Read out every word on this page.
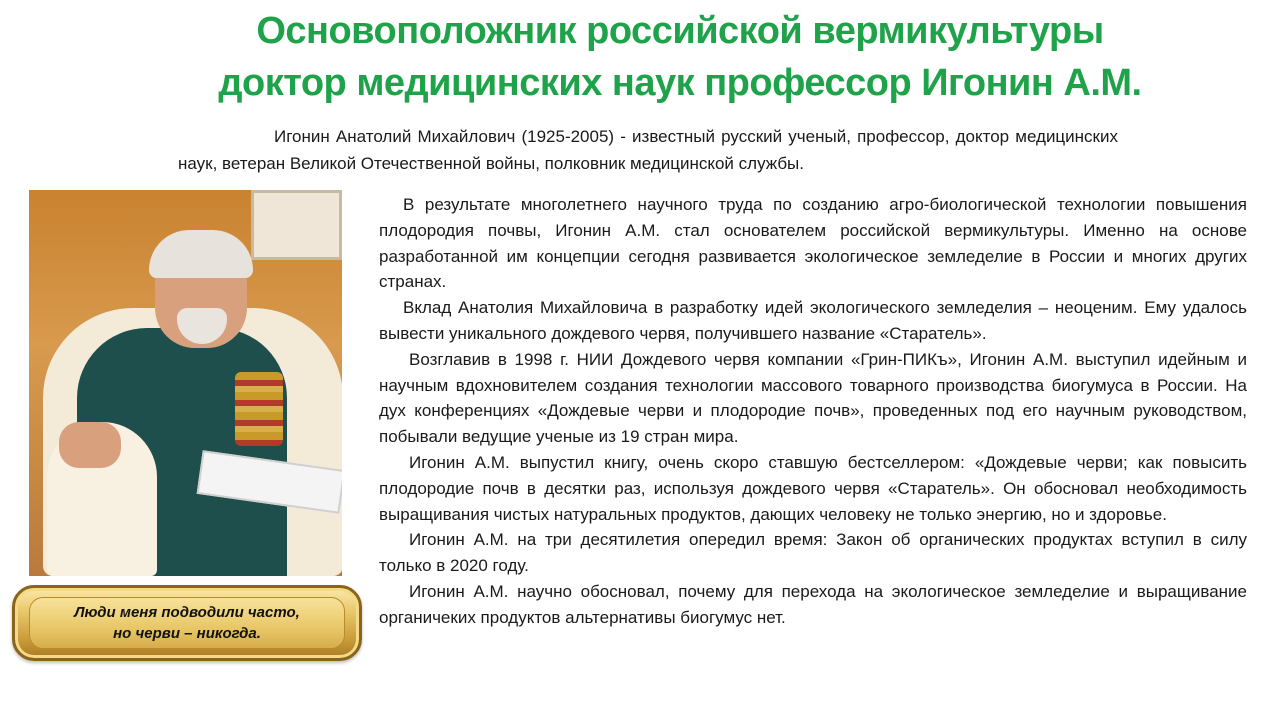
Основоположник российской вермикультуры
доктор медицинских наук профессор Игонин А.М.
Игонин Анатолий Михайлович (1925-2005) - известный русский ученый, профессор, доктор медицинских наук, ветеран Великой Отечественной войны, полковник медицинской службы.
Люди меня подводили часто,
но черви – никогда.

В результате многолетнего научного труда по созданию агро-биологической технологии повышения плодородия почвы, Игонин А.М. стал основателем российской вермикультуры. Именно на основе разработанной им концепции сегодня развивается экологическое земледелие в России и многих других странах.

Вклад Анатолия Михайловича в разработку идей экологического земледелия – неоценим. Ему удалось вывести уникального дождевого червя, получившего название «Старатель».

Возглавив в 1998 г. НИИ Дождевого червя компании «Грин-ПИКъ», Игонин А.М. выступил идейным и научным вдохновителем создания технологии массового товарного производства биогумуса в России. На дух конференциях «Дождевые черви и плодородие почв», проведенных под его научным руководством, побывали ведущие ученые из 19 стран мира.

Игонин А.М. выпустил книгу, очень скоро ставшую бестселлером: «Дождевые черви; как повысить плодородие почв в десятки раз, используя дождевого червя «Старатель». Он обосновал необходимость выращивания чистых натуральных продуктов, дающих человеку не только энергию, но и здоровье.

Игонин А.М. на три десятилетия опередил время: Закон об органических продуктах вступил в силу только в 2020 году.

Игонин А.М. научно обосновал, почему для перехода на экологическое земледелие и выращивание органичеких продуктов альтернативы биогумус нет.
